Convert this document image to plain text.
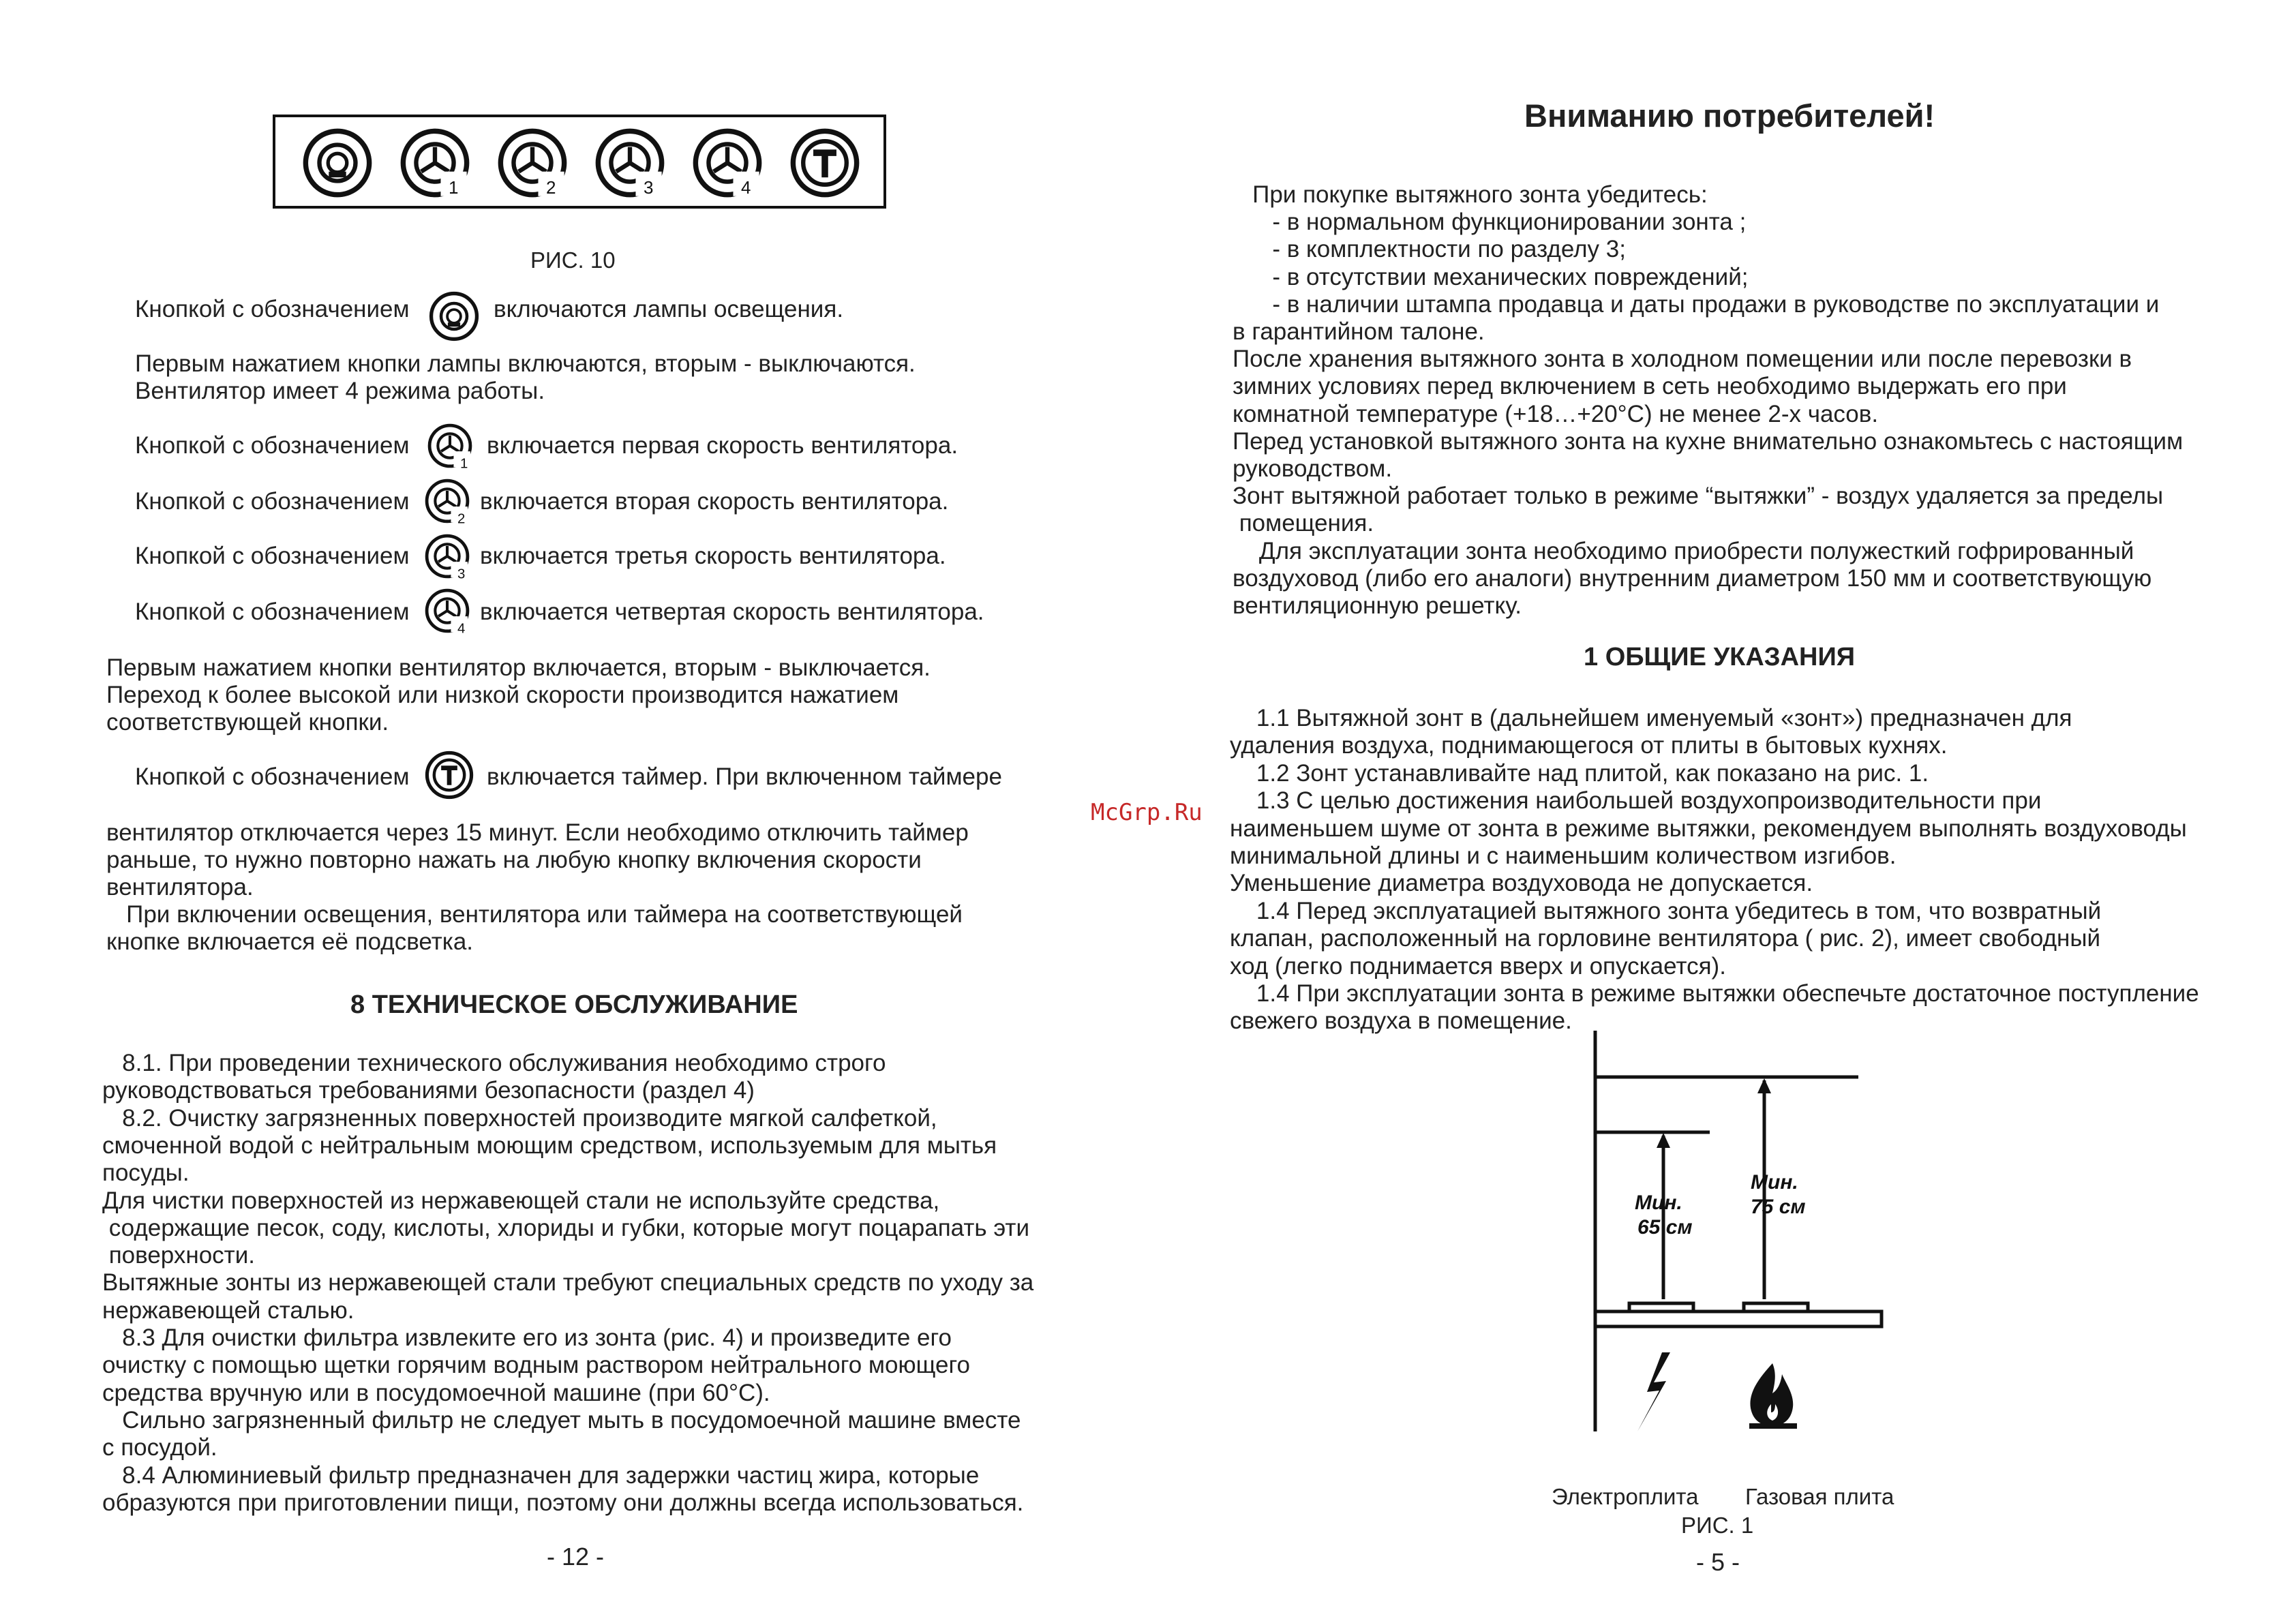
1	2	3	4
РИС. 10
Кнопкой с обозначением	включаются лампы освещения.
Первым нажатием кнопки лампы включаются, вторым - выключаются.
Вентилятор имеет 4 режима работы.
Кнопкой с обозначением
1
включается первая скорость вентилятора.
Кнопкой с обозначением
2
включается вторая скорость вентилятора.
Кнопкой с обозначением
3
включается третья скорость вентилятора.
Кнопкой с обозначением
4
включается четвертая скорость вентилятора.
Первым нажатием кнопки вентилятор включается, вторым - выключается.
Переход к более высокой или низкой скорости производится нажатием
соответствующей кнопки.
Кнопкой с обозначением	включается таймер. При включенном таймере
вентилятор отключается через 15 минут. Если необходимо отключить таймер
раньше, то нужно повторно нажать на любую кнопку включения скорости
вентилятора.
При включении освещения, вентилятора или таймера на соответствующей
кнопке включается её подсветка.
8 ТЕХНИЧЕСКОЕ ОБСЛУЖИВАНИЕ
8.1. При проведении технического обслуживания необходимо строго
руководствоваться требованиями безопасности (раздел 4)
8.2. Очистку загрязненных поверхностей производите мягкой салфеткой,
смоченной водой с нейтральным моющим средством, используемым для мытья
посуды.
Для чистки поверхностей из нержавеющей стали не используйте средства,
содержащие песок, соду, кислоты, хлориды и губки, которые могут поцарапать эти
поверхности.
Вытяжные зонты из нержавеющей стали требуют специальных средств по уходу за
нержавеющей сталью.
8.3 Для очистки фильтра извлеките его из зонта (рис. 4) и произведите его
очистку с помощью щетки горячим водным раствором нейтрального моющего
средства вручную или в посудомоечной машине (при 60°С).
Сильно загрязненный фильтр не следует мыть в посудомоечной машине вместе
с посудой.
8.4 Алюминиевый фильтр предназначен для задержки частиц жира, которые
образуются при приготовлении пищи, поэтому они должны всегда использоваться.
- 12 -
McGrp.Ru
Вниманию потребителей!
При покупке вытяжного зонта убедитесь:
- в нормальном функционировании зонта ;
- в комплектности по разделу 3;
- в отсутствии механических повреждений;
- в наличии штампа продавца и даты продажи в руководстве по эксплуатации и
в гарантийном талоне.
После хранения вытяжного зонта в холодном помещении или после перевозки в
зимних условиях перед включением в сеть необходимо выдержать его при
комнатной температуре (+18…+20°С) не менее 2-х часов.
Перед установкой вытяжного зонта на кухне внимательно ознакомьтесь с настоящим
руководством.
Зонт вытяжной работает только в режиме “вытяжки” - воздух удаляется за пределы
помещения.
Для эксплуатации зонта необходимо приобрести полужесткий гофрированный
воздуховод (либо его аналоги) внутренним диаметром 150 мм и соответствующую
вентиляционную решетку.
1 ОБЩИЕ УКАЗАНИЯ
1.1 Вытяжной зонт в (дальнейшем именуемый «зонт») предназначен для
удаления воздуха, поднимающегося от плиты в бытовых кухнях.
1.2 Зонт устанавливайте над плитой, как показано на рис. 1.
1.3 С целью достижения наибольшей воздухопроизводительности при
наименьшем шуме от зонта в режиме вытяжки, рекомендуем выполнять воздуховоды
минимальной длины и с наименьшим количеством изгибов.
Уменьшение диаметра воздуховода не допускается.
1.4 Перед эксплуатацией вытяжного зонта убедитесь в том, что возвратный
клапан, расположенный на горловине вентилятора ( рис. 2), имеет свободный
ход (легко поднимается вверх и опускается).
1.4 При эксплуатации зонта в режиме вытяжки обеспечьте достаточное поступление
свежего воздуха в помещение.
Мин.
65 см
Мин.
75 см
Электроплита Газовая плита
РИС. 1
- 5 -
